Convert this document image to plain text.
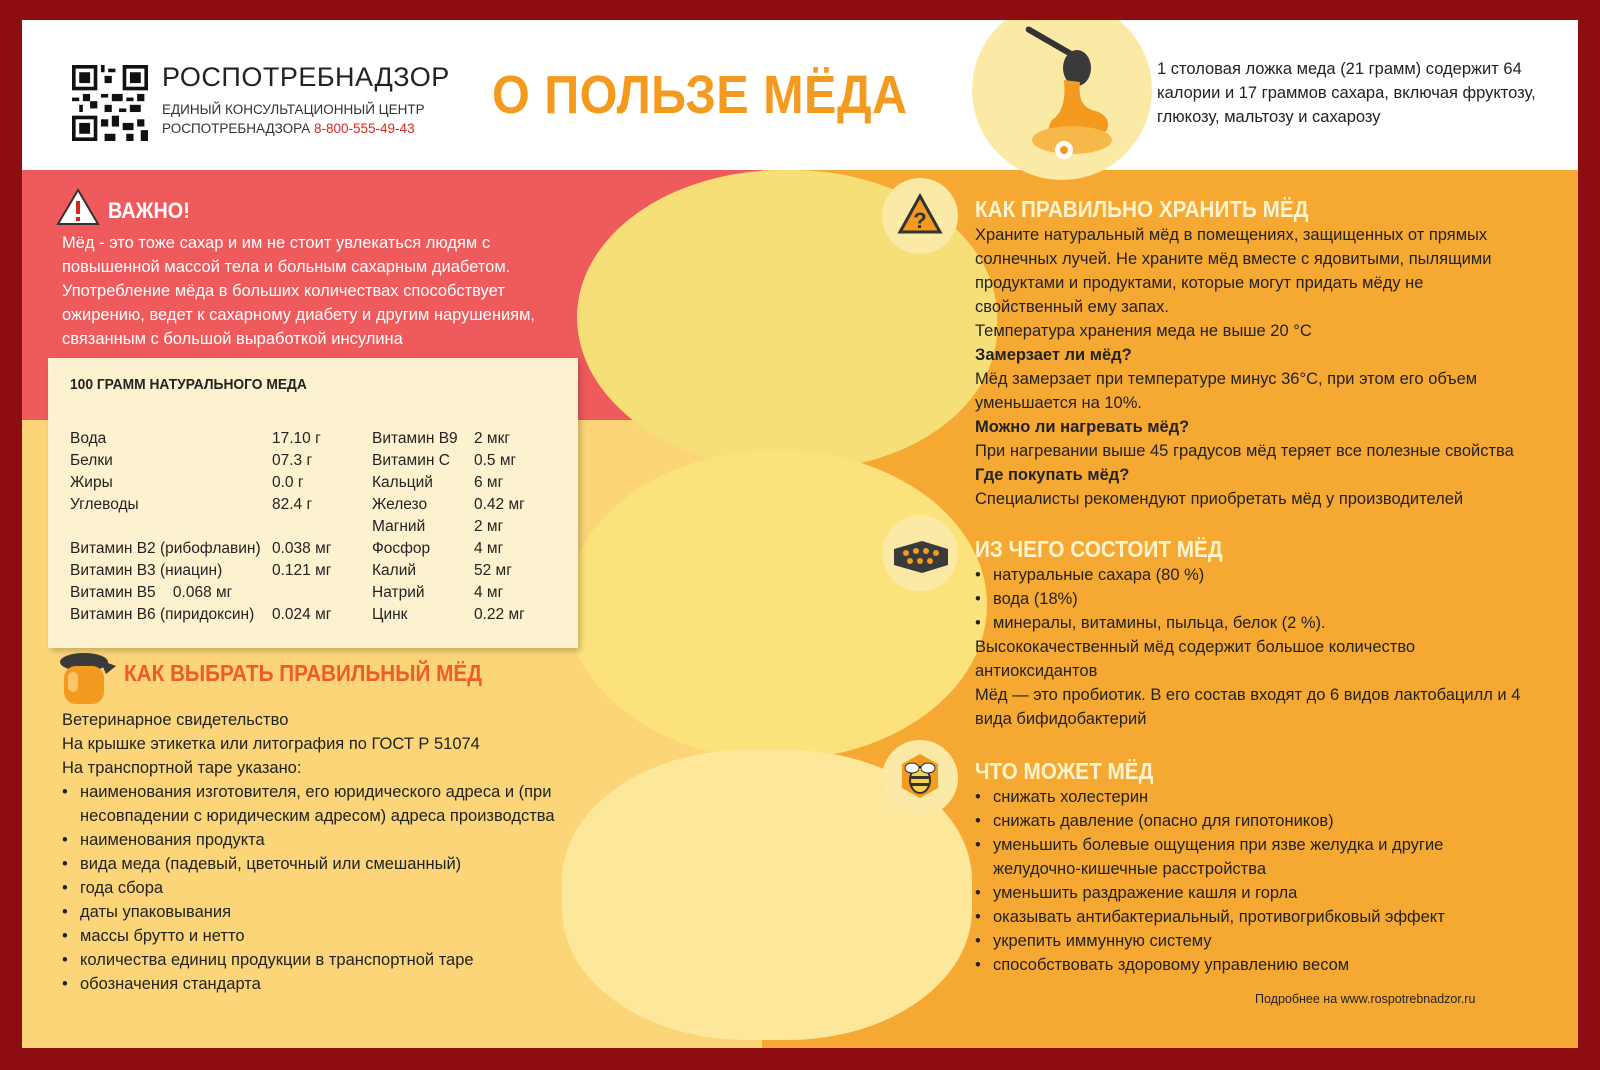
РОСПОТРЕБНАДЗОР
ЕДИНЫЙ КОНСУЛЬТАЦИОННЫЙ ЦЕНТР
РОСПОТРЕБНАДЗОРА 8-800-555-49-43
О ПОЛЬЗЕ МЁДА	1 столовая ложка меда (21 грамм) содержит 64 калории и 17 граммов сахара, включая фруктозу, глюкозу, мальтозу и сахарозу
ВАЖНО!
Мёд - это тоже сахар и им не стоит увлекаться людям с повышенной массой тела и больным сахарным диабетом. Употребление мёда в больших количествах способствует ожирению, ведет к сахарному диабету и другим нарушениям, связанным с большой выработкой инсулина
100 ГРАММ НАТУРАЛЬНОГО МЕДА
Вода	17.10 г
Белки	07.3 г
Жиры	0.0 г
Углеводы	82.4 г
Витамин В2 (рибофлавин) 0.038 мг
Витамин В3 (ниацин)	0.121 мг
Витамин В5    0.068 мг
Витамин В6 (пиридоксин) 0.024 мг
Витамин В9 2 мкг
Витамин С 0.5 мг
Кальций	6 мг
Железо	0.42 мг
Магний	2 мг
Фосфор	4 мг
Калий	52 мг
Натрий	4 мг
Цинк	0.22 мг
КАК ВЫБРАТЬ ПРАВИЛЬНЫЙ МЁД
Ветеринарное свидетельство
На крышке этикетка или литография по ГОСТ Р 51074
На транспортной таре указано:
• наименования изготовителя, его юридического адреса и (при несовпадении с юридическим адресом) адреса производства
• наименования продукта
• вида меда (падевый, цветочный или смешанный)
• года сбора
• даты упаковывания
• массы брутто и нетто
• количества единиц продукции в транспортной таре
• обозначения стандарта
? КАК ПРАВИЛЬНО ХРАНИТЬ МЁД
Храните натуральный мёд в помещениях, защищенных от прямых солнечных лучей. Не храните мёд вместе с ядовитыми, пылящими продуктами и продуктами, которые могут придать мёду не свойственный ему запах.
Температура хранения меда не выше 20 °С
Замерзает ли мёд?
Мёд замерзает при температуре минус 36°С, при этом его объем уменьшается на 10%.
Можно ли нагревать мёд?
При нагревании выше 45 градусов мёд теряет все полезные свойства
Где покупать мёд?
Специалисты рекомендуют приобретать мёд у производителей
ИЗ ЧЕГО СОСТОИТ МЁД
• натуральные сахара (80 %)
• вода (18%)
• минералы, витамины, пыльца, белок (2 %).
Высококачественный мёд содержит большое количество антиоксидантов
Мёд — это пробиотик. В его состав входят до 6 видов лактобацилл и 4 вида бифидобактерий
ЧТО МОЖЕТ МЁД
• снижать холестерин
• снижать давление (опасно для гипотоников)
• уменьшить болевые ощущения при язве желудка и другие желудочно-кишечные расстройства
• уменьшить раздражение кашля и горла
• оказывать антибактериальный, противогрибковый эффект
• укрепить иммунную систему
• способствовать здоровому управлению весом
Подробнее на www.rospotrebnadzor.ru
